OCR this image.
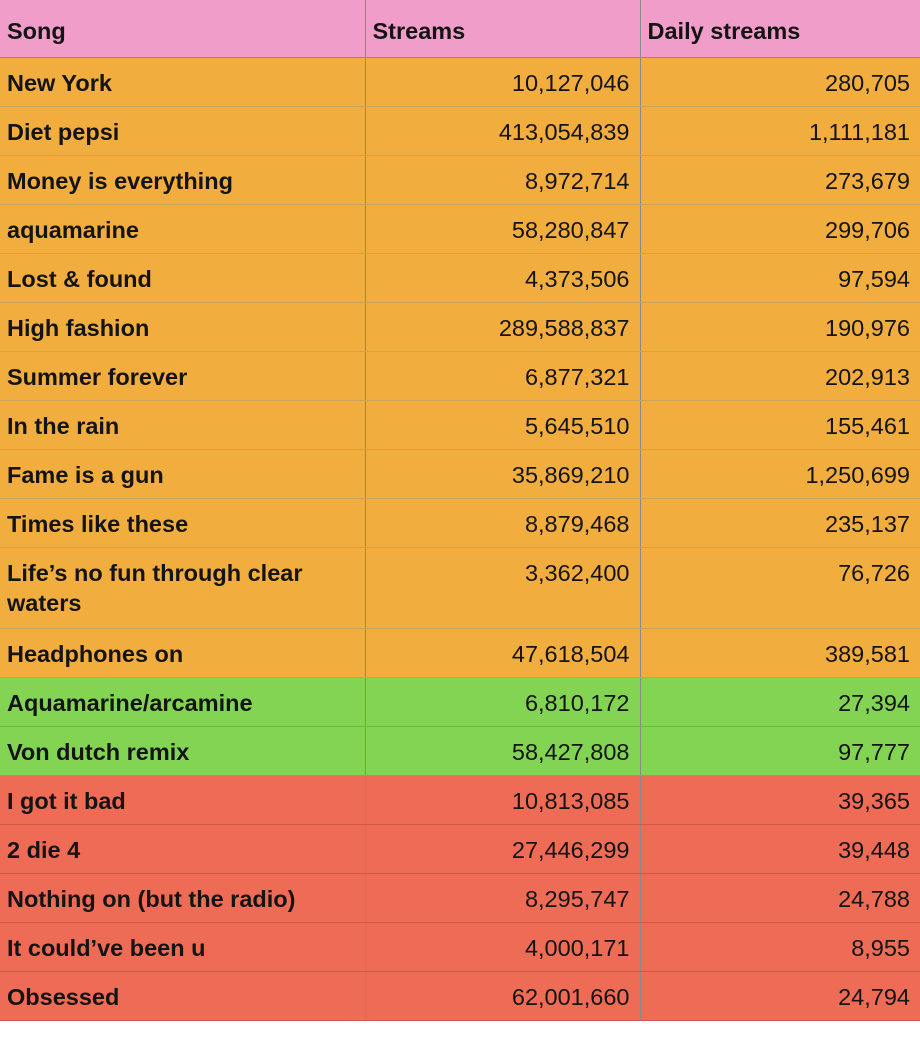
Song	Streams	Daily streams
New York	10,127,046	280,705
Diet pepsi	413,054,839	1,111,181
Money is everything	8,972,714	273,679
aquamarine	58,280,847	299,706
Lost & found	4,373,506	97,594
High fashion	289,588,837	190,976
Summer forever	6,877,321	202,913
In the rain	5,645,510	155,461
Fame is a gun	35,869,210	1,250,699
Times like these	8,879,468	235,137
Life’s no fun through clear waters	3,362,400	76,726
Headphones on	47,618,504	389,581
Aquamarine/arcamine	6,810,172	27,394
Von dutch remix	58,427,808	97,777
I got it bad	10,813,085	39,365
2 die 4	27,446,299	39,448
Nothing on (but the radio)	8,295,747	24,788
It could’ve been u	4,000,171	8,955
Obsessed	62,001,660	24,794
